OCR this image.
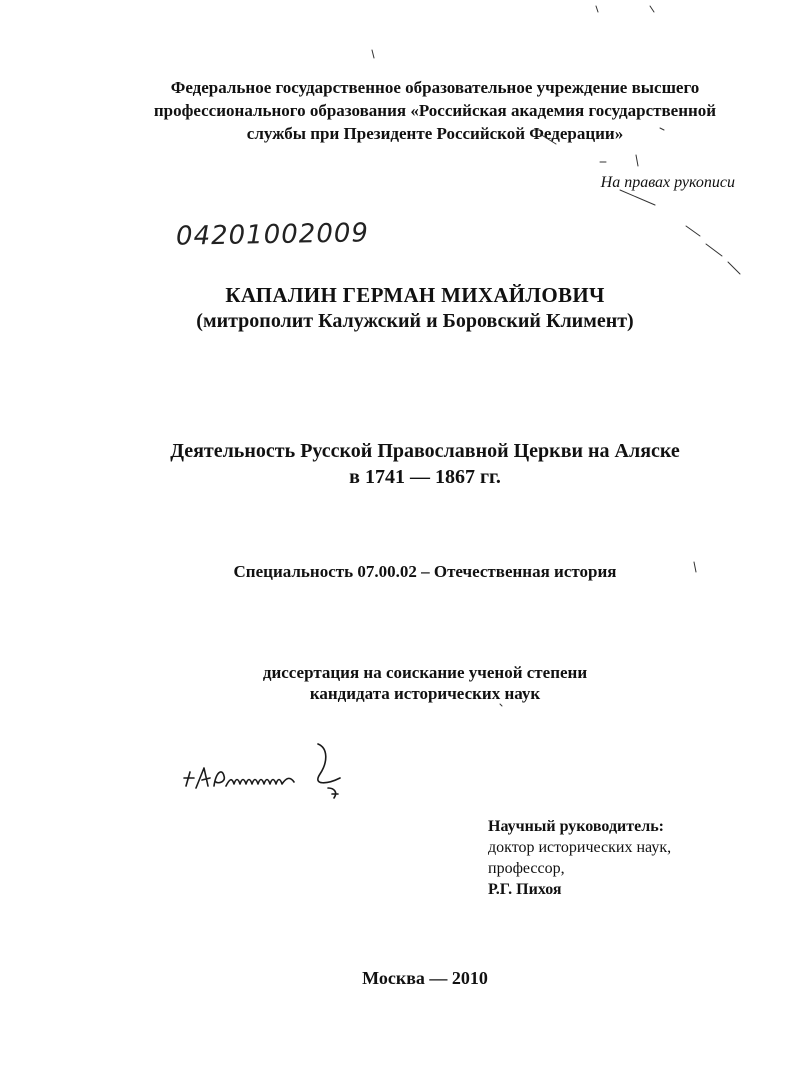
Федеральное государственное образовательное учреждение высшего
профессионального образования «Российская академия государственной
службы при Президенте Российской Федерации»
На правах рукописи
04201002009
КАПАЛИН ГЕРМАН МИХАЙЛОВИЧ
(митрополит Калужский и Боровский Климент)
Деятельность Русской Православной Церкви на Аляске
в 1741 — 1867 гг.
Специальность 07.00.02 – Отечественная история
диссертация на соискание ученой степени
кандидата исторических наук
Научный руководитель:
доктор исторических наук,
профессор,
Р.Г. Пихоя
Москва — 2010
